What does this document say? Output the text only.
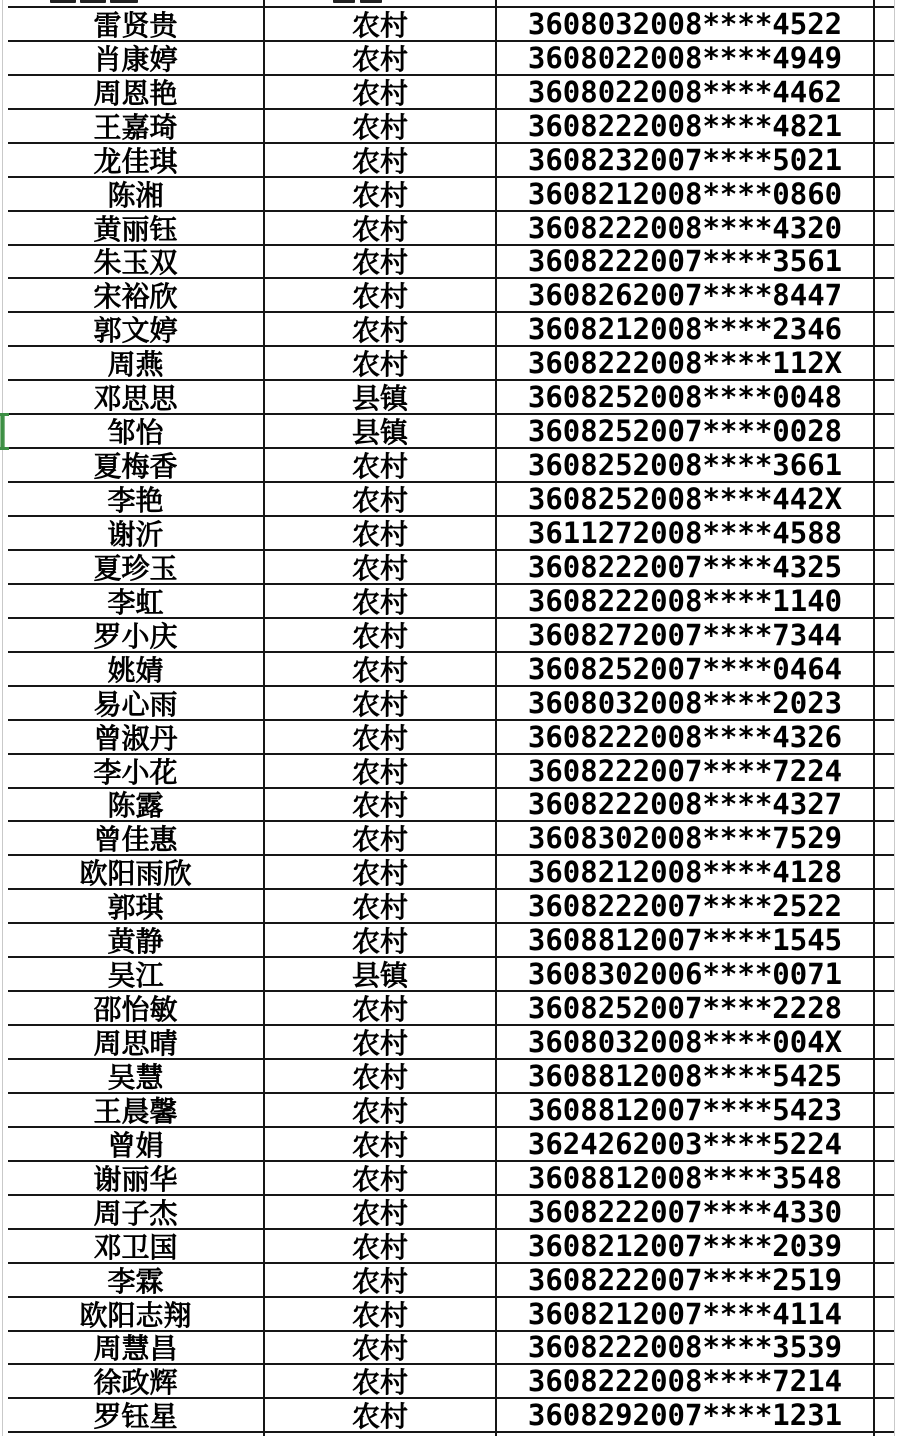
雷贤贵	农村	3608032008****4522
肖康婷	农村	3608022008****4949
周恩艳	农村	3608022008****4462
王嘉琦	农村	3608222008****4821
龙佳琪	农村	3608232007****5021
陈湘	农村	3608212008****0860
黄丽钰	农村	3608222008****4320
朱玉双	农村	3608222007****3561
宋裕欣	农村	3608262007****8447
郭文婷	农村	3608212008****2346
周燕	农村	3608222008****112X
邓思思	县镇	3608252008****0048
邹怡	县镇	3608252007****0028
夏梅香	农村	3608252008****3661
李艳	农村	3608252008****442X
谢沂	农村	3611272008****4588
夏珍玉	农村	3608222007****4325
李虹	农村	3608222008****1140
罗小庆	农村	3608272007****7344
姚婧	农村	3608252007****0464
易心雨	农村	3608032008****2023
曾淑丹	农村	3608222008****4326
李小花	农村	3608222007****7224
陈露	农村	3608222008****4327
曾佳惠	农村	3608302008****7529
欧阳雨欣	农村	3608212008****4128
郭琪	农村	3608222007****2522
黄静	农村	3608812007****1545
吴江	县镇	3608302006****0071
邵怡敏	农村	3608252007****2228
周思晴	农村	3608032008****004X
吴慧	农村	3608812008****5425
王晨馨	农村	3608812007****5423
曾娟	农村	3624262003****5224
谢丽华	农村	3608812008****3548
周子杰	农村	3608222007****4330
邓卫国	农村	3608212007****2039
李霖	农村	3608222007****2519
欧阳志翔	农村	3608212007****4114
周慧昌	农村	3608222008****3539
徐政辉	农村	3608222008****7214
罗钰星	农村	3608292007****1231
